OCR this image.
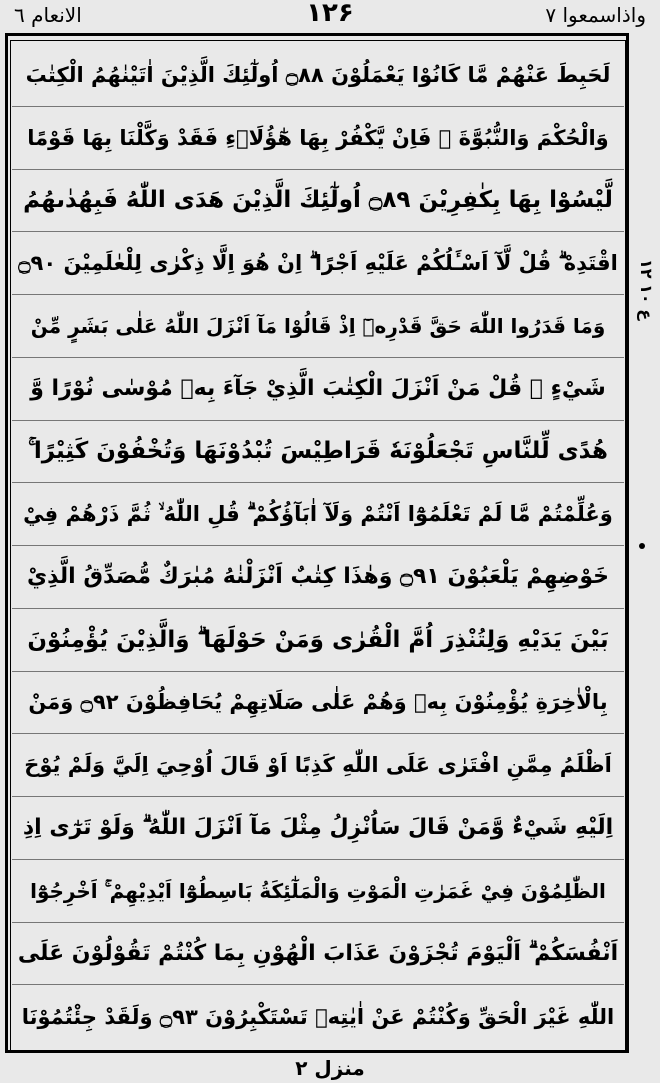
الانعام ٦	۱۲۶	واذاسمعوا ۷
لَحَبِطَ عَنْهُمْ مَّا كَانُوْا يَعْمَلُوْنَ ۝۸۸ اُولٰٓئِكَ الَّذِيْنَ اٰتَيْنٰهُمُ الْكِتٰبَ
وَالْحُكْمَ وَالنُّبُوَّةَ ۚ فَاِنْ يَّكْفُرْ بِهَا هٰٓؤُلَاۤءِ فَقَدْ وَكَّلْنَا بِهَا قَوْمًا
لَّيْسُوْا بِهَا بِكٰفِرِيْنَ ۝۸۹ اُولٰٓئِكَ الَّذِيْنَ هَدَى اللّٰهُ فَبِهُدٰىهُمُ
اقْتَدِهْ ۗ قُلْ لَّآ اَسْـَٔلُكُمْ عَلَيْهِ اَجْرًا ۗ اِنْ هُوَ اِلَّا ذِكْرٰى لِلْعٰلَمِيْنَ ۝۹۰
وَمَا قَدَرُوا اللّٰهَ حَقَّ قَدْرِهٖٓ اِذْ قَالُوْا مَآ اَنْزَلَ اللّٰهُ عَلٰى بَشَرٍ مِّنْ
شَيْءٍ ۗ قُلْ مَنْ اَنْزَلَ الْكِتٰبَ الَّذِيْ جَآءَ بِهٖ مُوْسٰى نُوْرًا وَّ
هُدًى لِّلنَّاسِ تَجْعَلُوْنَهٗ قَرَاطِيْسَ تُبْدُوْنَهَا وَتُخْفُوْنَ كَثِيْرًا ۚ
وَعُلِّمْتُمْ مَّا لَمْ تَعْلَمُوْٓا اَنْتُمْ وَلَآ اٰبَآؤُكُمْ ۗ قُلِ اللّٰهُ ۙ ثُمَّ ذَرْهُمْ فِيْ
خَوْضِهِمْ يَلْعَبُوْنَ ۝۹۱ وَهٰذَا كِتٰبٌ اَنْزَلْنٰهُ مُبٰرَكٌ مُّصَدِّقُ الَّذِيْ
بَيْنَ يَدَيْهِ وَلِتُنْذِرَ اُمَّ الْقُرٰى وَمَنْ حَوْلَهَا ۗ وَالَّذِيْنَ يُؤْمِنُوْنَ
بِالْاٰخِرَةِ يُؤْمِنُوْنَ بِهٖ وَهُمْ عَلٰى صَلَاتِهِمْ يُحَافِظُوْنَ ۝۹۲ وَمَنْ
اَظْلَمُ مِمَّنِ افْتَرٰى عَلَى اللّٰهِ كَذِبًا اَوْ قَالَ اُوْحِيَ اِلَيَّ وَلَمْ يُوْحَ
اِلَيْهِ شَيْءٌ وَّمَنْ قَالَ سَاُنْزِلُ مِثْلَ مَآ اَنْزَلَ اللّٰهُ ۗ وَلَوْ تَرٰٓى اِذِ
الظّٰلِمُوْنَ فِيْ غَمَرٰتِ الْمَوْتِ وَالْمَلٰٓئِكَةُ بَاسِطُوْٓا اَيْدِيْهِمْ ۚ اَخْرِجُوْٓا
اَنْفُسَكُمْ ۗ اَلْيَوْمَ تُجْزَوْنَ عَذَابَ الْهُوْنِ بِمَا كُنْتُمْ تَقُوْلُوْنَ عَلَى
اللّٰهِ غَيْرَ الْحَقِّ وَكُنْتُمْ عَنْ اٰيٰتِهٖ تَسْتَكْبِرُوْنَ ۝۹۳ وَلَقَدْ جِئْتُمُوْنَا
ع ۱٠ ۱٢
منزل ٢
